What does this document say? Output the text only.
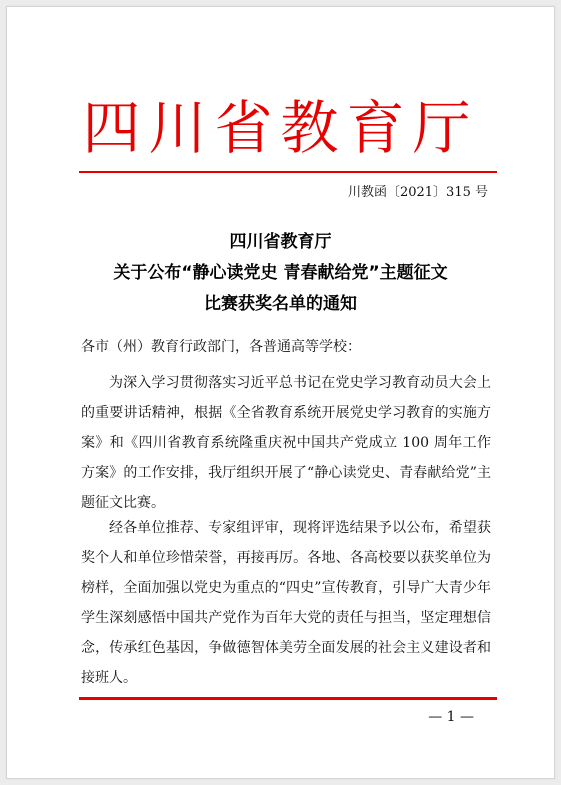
四川省教育厅
川教函〔2021〕315 号
四川省教育厅
关于公布“静心读党史 青春献给党”主题征文
比赛获奖名单的通知
各市（州）教育行政部门，各普通高等学校：
为深入学习贯彻落实习近平总书记在党史学习教育动员大会上的重要讲话精神，根据《全省教育系统开展党史学习教育的实施方案》和《四川省教育系统隆重庆祝中国共产党成立 100 周年工作方案》的工作安排，我厅组织开展了“静心读党史、青春献给党”主题征文比赛。
经各单位推荐、专家组评审，现将评选结果予以公布，希望获奖个人和单位珍惜荣誉，再接再厉。各地、各高校要以获奖单位为榜样，全面加强以党史为重点的“四史”宣传教育，引导广大青少年学生深刻感悟中国共产党作为百年大党的责任与担当，坚定理想信念，传承红色基因，争做德智体美劳全面发展的社会主义建设者和接班人。
— 1 —
